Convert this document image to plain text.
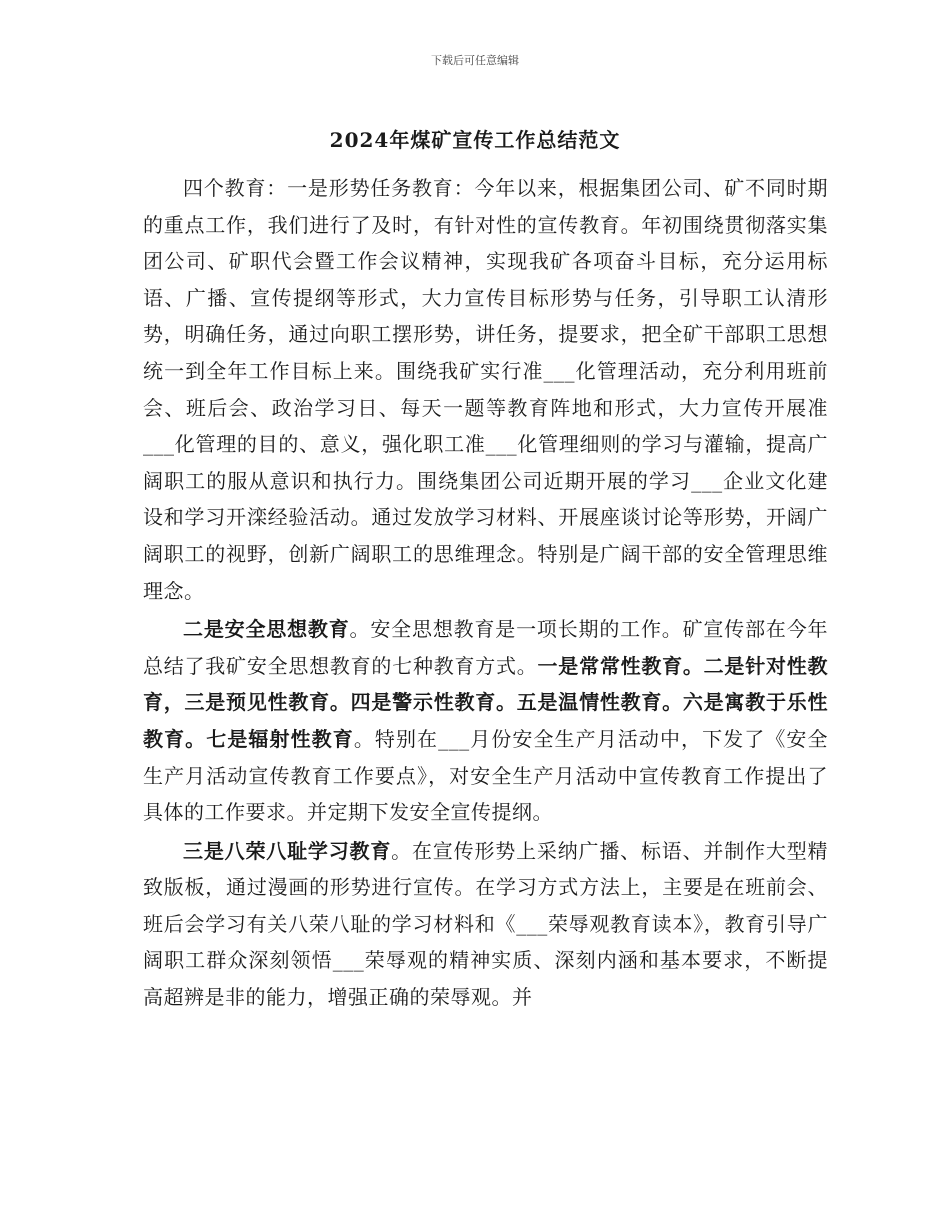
下载后可任意编辑
2024年煤矿宣传工作总结范文

四个教育：一是形势任务教育：今年以来，根据集团公司、矿不同时期的重点工作，我们进行了及时，有针对性的宣传教育。年初围绕贯彻落实集团公司、矿职代会暨工作会议精神，实现我矿各项奋斗目标，充分运用标语、广播、宣传提纲等形式，大力宣传目标形势与任务，引导职工认清形势，明确任务，通过向职工摆形势，讲任务，提要求，把全矿干部职工思想统一到全年工作目标上来。围绕我矿实行准___化管理活动，充分利用班前会、班后会、政治学习日、每天一题等教育阵地和形式，大力宣传开展准___化管理的目的、意义，强化职工准___化管理细则的学习与灌输，提高广阔职工的服从意识和执行力。围绕集团公司近期开展的学习___企业文化建设和学习开滦经验活动。通过发放学习材料、开展座谈讨论等形势，开阔广阔职工的视野，创新广阔职工的思维理念。特别是广阔干部的安全管理思维理念。

二是安全思想教育。安全思想教育是一项长期的工作。矿宣传部在今年总结了我矿安全思想教育的七种教育方式。一是常常性教育。二是针对性教育，三是预见性教育。四是警示性教育。五是温情性教育。六是寓教于乐性教育。七是辐射性教育。特别在___月份安全生产月活动中，下发了《安全生产月活动宣传教育工作要点》，对安全生产月活动中宣传教育工作提出了具体的工作要求。并定期下发安全宣传提纲。

三是八荣八耻学习教育。在宣传形势上采纳广播、标语、并制作大型精致版板，通过漫画的形势进行宣传。在学习方式方法上，主要是在班前会、班后会学习有关八荣八耻的学习材料和《___荣辱观教育读本》，教育引导广阔职工群众深刻领悟___荣辱观的精神实质、深刻内涵和基本要求，不断提高超辨是非的能力，增强正确的荣辱观。并
